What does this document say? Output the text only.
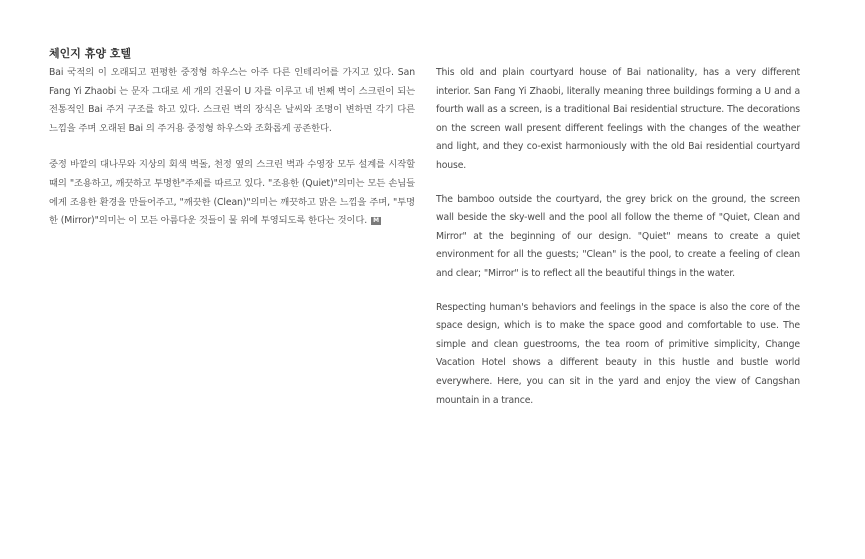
체인지 휴양 호텔

Bai 국적의 이 오래되고 편평한 중정형 하우스는 아주 다른 인테리어를 가지고 있다. San Fang Yi Zhaobi 는 문자 그대로 세 개의 건물이 U 자를 이루고 네 번째 벽이 스크린이 되는 전통적인 Bai 주거 구조를 하고 있다. 스크린 벽의 장식은 날씨와 조명이 변하면 각기 다른 느낌을 주며 오래된 Bai 의 주거용 중정형 하우스와 조화롭게 공존한다.

중정 바깥의 대나무와 지상의 회색 벽돌, 천정 옆의 스크린 벽과 수영장 모두 설계를 시작할 때의 "조용하고, 깨끗하고 투명한"주제를 따르고 있다. "조용한 (Quiet)"의미는 모든 손님들에게 조용한 환경을 만들어주고, "깨끗한 (Clean)"의미는 깨끗하고 맑은 느낌을 주며, "투명한 (Mirror)"의미는 이 모든 아름다운 것들이 물 위에 투영되도록 한다는 것이다. M

This old and plain courtyard house of Bai nationality, has a very different interior. San Fang Yi Zhaobi, literally meaning three buildings forming a U and a fourth wall as a screen, is a traditional Bai residential structure. The decorations on the screen wall present different feelings with the changes of the weather and light, and they co-exist harmoniously with the old Bai residential courtyard house.

The bamboo outside the courtyard, the grey brick on the ground, the screen wall beside the sky-well and the pool all follow the theme of "Quiet, Clean and Mirror" at the beginning of our design. "Quiet" means to create a quiet environment for all the guests; "Clean" is the pool, to create a feeling of clean and clear; "Mirror" is to reflect all the beautiful things in the water.

Respecting human's behaviors and feelings in the space is also the core of the space design, which is to make the space good and comfortable to use. The simple and clean guestrooms, the tea room of primitive simplicity, Change Vacation Hotel shows a different beauty in this hustle and bustle world everywhere. Here, you can sit in the yard and enjoy the view of Cangshan mountain in a trance.
